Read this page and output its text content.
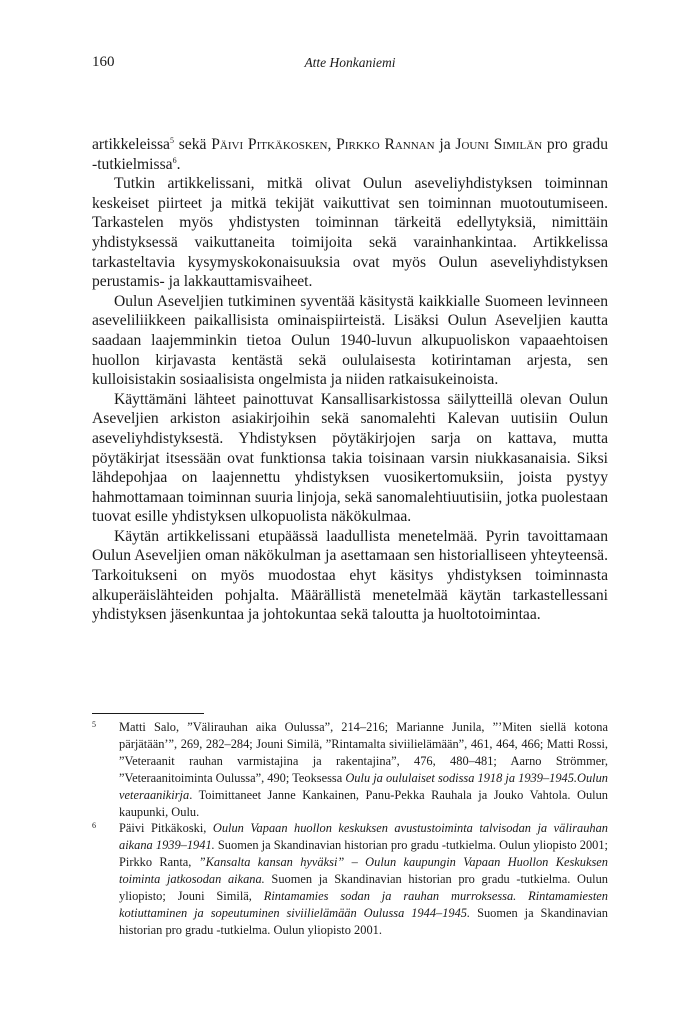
160	Atte Honkaniemi

artikkeleissa$^5$ sekä Päivi Pitkäkosken, Pirkko Rannan ja Jouni Similän pro gradu -tutkielmissa$^6$.

Tutkin artikkelissani, mitkä olivat Oulun aseveliyhdistyksen toiminnan keskeiset piirteet ja mitkä tekijät vaikuttivat sen toiminnan muotoutumiseen. Tarkastelen myös yhdistysten toiminnan tärkeitä edellytyksiä, nimittäin yhdistyksessä vaikuttaneita toimijoita sekä varainhankintaa. Artikkelissa tarkasteltavia kysymyskokonaisuuksia ovat myös Oulun aseveliyhdistyksen perustamis- ja lakkauttamisvaiheet.

Oulun Aseveljien tutkiminen syventää käsitystä kaikkialle Suomeen levinneen aseveliliikkeen paikallisista ominaispiirteistä. Lisäksi Oulun Aseveljien kautta saadaan laajemminkin tietoa Oulun 1940-luvun alkupuoliskon vapaaehtoisen huollon kirjavasta kentästä sekä oululaisesta kotirintaman arjesta, sen kulloisistakin sosiaalisista ongelmista ja niiden ratkaisukeinoista.

Käyttämäni lähteet painottuvat Kansallisarkistossa säilytteillä olevan Oulun Aseveljien arkiston asiakirjoihin sekä sanomalehti Kalevan uutisiin Oulun aseveliyhdistyksestä. Yhdistyksen pöytäkirjojen sarja on kattava, mutta pöytäkirjat itsessään ovat funktionsa takia toisinaan varsin niukkasanaisia. Siksi lähdepohjaa on laajennettu yhdistyksen vuosikertomuksiin, joista pystyy hahmottamaan toiminnan suuria linjoja, sekä sanomalehtiuutisiin, jotka puolestaan tuovat esille yhdistyksen ulkopuolista näkökulmaa.

Käytän artikkelissani etupäässä laadullista menetelmää. Pyrin tavoittamaan Oulun Aseveljien oman näkökulman ja asettamaan sen historialliseen yhteyteensä. Tarkoitukseni on myös muodostaa ehyt käsitys yhdistyksen toiminnasta alkuperäislähteiden pohjalta. Määrällistä menetelmää käytän tarkastellessani yhdistyksen jäsenkuntaa ja johtokuntaa sekä taloutta ja huoltotoimintaa.

5 Matti Salo, ”Välirauhan aika Oulussa”, 214–216; Marianne Junila, ”’Miten siellä kotona pärjätään’”, 269, 282–284; Jouni Similä, ”Rintamalta siviilielämään”, 461, 464, 466; Matti Rossi, ”Veteraanit rauhan varmistajina ja rakentajina”, 476, 480–481; Aarno Strömmer, ”Veteraanitoiminta Oulussa”, 490; Teoksessa Oulu ja oululaiset sodissa 1918 ja 1939–1945.Oulun veteraanikirja. Toimittaneet Janne Kankainen, Panu-Pekka Rauhala ja Jouko Vahtola. Oulun kaupunki, Oulu.

6 Päivi Pitkäkoski, Oulun Vapaan huollon keskuksen avustustoiminta talvisodan ja välirauhan aikana 1939–1941. Suomen ja Skandinavian historian pro gradu -tutkielma. Oulun yliopisto 2001; Pirkko Ranta, ”Kansalta kansan hyväksi” – Oulun kaupungin Vapaan Huollon Keskuksen toiminta jatkosodan aikana. Suomen ja Skandinavian historian pro gradu -tutkielma. Oulun yliopisto; Jouni Similä, Rintamamies sodan ja rauhan murroksessa. Rintamamiesten kotiuttaminen ja sopeutuminen siviilielämään Oulussa 1944–1945. Suomen ja Skandinavian historian pro gradu -tutkielma. Oulun yliopisto 2001.
